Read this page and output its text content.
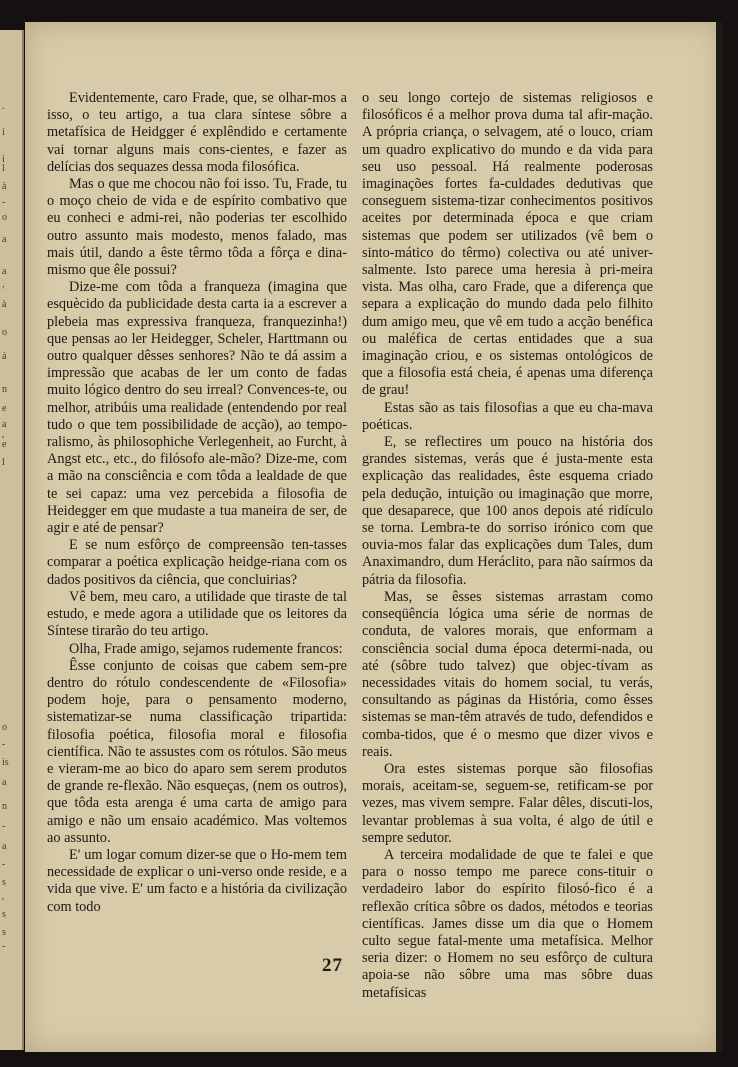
.
i
i
l
à
-
o
a
a
,
à
o
á
n
e
a
,
e
l
o
-
is
a
n
-
a
-
s
'
s
s
-

Evidentemente, caro Frade, que, se olhar-mos a isso, o teu artigo, a tua clara síntese sôbre a metafísica de Heidgger é explêndido e certamente vai tornar alguns mais cons-cientes, e fazer as delícias dos sequazes dessa moda filosófica.

Mas o que me chocou não foi isso. Tu, Frade, tu o moço cheio de vida e de espírito combativo que eu conheci e admi-rei, não poderias ter escolhido outro assunto mais modesto, menos falado, mas mais útil, dando a êste têrmo tôda a fôrça e dina-mismo que êle possui?

Dize-me com tôda a franqueza (imagina que esquècido da publicidade desta carta ia a escrever a plebeia mas expressiva franqueza, franquezinha!) que pensas ao ler Heidegger, Scheler, Harttmann ou outro qualquer dêsses senhores? Não te dá assim a impressão que acabas de ler um conto de fadas muito lógico dentro do seu irreal? Convences-te, ou melhor, atribúis uma realidade (entendendo por real tudo o que tem possibilidade de acção), ao tempo-ralismo, às philosophiche Verlegenheit, ao Furcht, à Angst etc., etc., do filósofo ale-mão? Dize-me, com a mão na consciência e com tôda a lealdade de que te sei capaz: uma vez percebida a filosofia de Heidegger em que mudaste a tua maneira de ser, de agir e até de pensar?

E se num esfôrço de compreensão ten-tasses comparar a poética explicação heidge-riana com os dados positivos da ciência, que concluirias?

Vê bem, meu caro, a utilidade que tiraste de tal estudo, e mede agora a utilidade que os leitores da Síntese tirarão do teu artigo.

Olha, Frade amigo, sejamos rudemente francos:

Êsse conjunto de coisas que cabem sem-pre dentro do rótulo condescendente de «Filosofia» podem hoje, para o pensamento moderno, sistematizar-se numa classificação tripartida: filosofia poética, filosofia moral e filosofia científica. Não te assustes com os rótulos. São meus e vieram-me ao bico do aparo sem serem produtos de grande re-flexão. Não esqueças, (nem os outros), que tôda esta arenga é uma carta de amigo para amigo e não um ensaio académico. Mas voltemos ao assunto.

E' um logar comum dizer-se que o Ho-mem tem necessidade de explicar o uni-verso onde reside, e a vida que vive. E' um facto e a história da civilização com todo

o seu longo cortejo de sistemas religiosos e filosóficos é a melhor prova duma tal afir-mação. A própria criança, o selvagem, até o louco, criam um quadro explicativo do mundo e da vida para seu uso pessoal. Há realmente poderosas imaginações fortes fa-culdades dedutivas que conseguem sistema-tizar conhecimentos positivos aceites por determinada época e que criam sistemas que podem ser utilizados (vê bem o sinto-mático do têrmo) colectiva ou até univer-salmente. Isto parece uma heresia à pri-meira vista. Mas olha, caro Frade, que a diferença que separa a explicação do mundo dada pelo filhito dum amigo meu, que vê em tudo a acção benéfica ou maléfica de certas entidades que a sua imaginação criou, e os sistemas ontológicos de que a filosofia está cheia, é apenas uma diferença de grau!

Estas são as tais filosofias a que eu cha-mava poéticas.

E, se reflectires um pouco na história dos grandes sistemas, verás que é justa-mente esta explicação das realidades, êste esquema criado pela dedução, intuição ou imaginação que morre, que desaparece, que 100 anos depois até ridículo se torna. Lembra-te do sorriso irónico com que ouvia-mos falar das explicações dum Tales, dum Anaximandro, dum Heráclito, para não saírmos da pátria da filosofia.

Mas, se êsses sistemas arrastam como conseqüência lógica uma série de normas de conduta, de valores morais, que enformam a consciência social duma época determi-nada, ou até (sôbre tudo talvez) que objec-tívam as necessidades vitais do homem social, tu verás, consultando as páginas da História, como êsses sistemas se man-têm através de tudo, defendidos e comba-tidos, que é o mesmo que dizer vivos e reais.

Ora estes sistemas porque são filosofias morais, aceitam-se, seguem-se, retificam-se por vezes, mas vivem sempre. Falar dêles, discuti-los, levantar problemas à sua volta, é algo de útil e sempre sedutor.

A terceira modalidade de que te falei e que para o nosso tempo me parece cons-tituir o verdadeiro labor do espírito filosó-fico é a reflexão crítica sôbre os dados, métodos e teorias científicas. James disse um dia que o Homem culto segue fatal-mente uma metafísica. Melhor seria dizer: o Homem no seu esfôrço de cultura apoia-se não sôbre uma mas sôbre duas metafísicas

27
